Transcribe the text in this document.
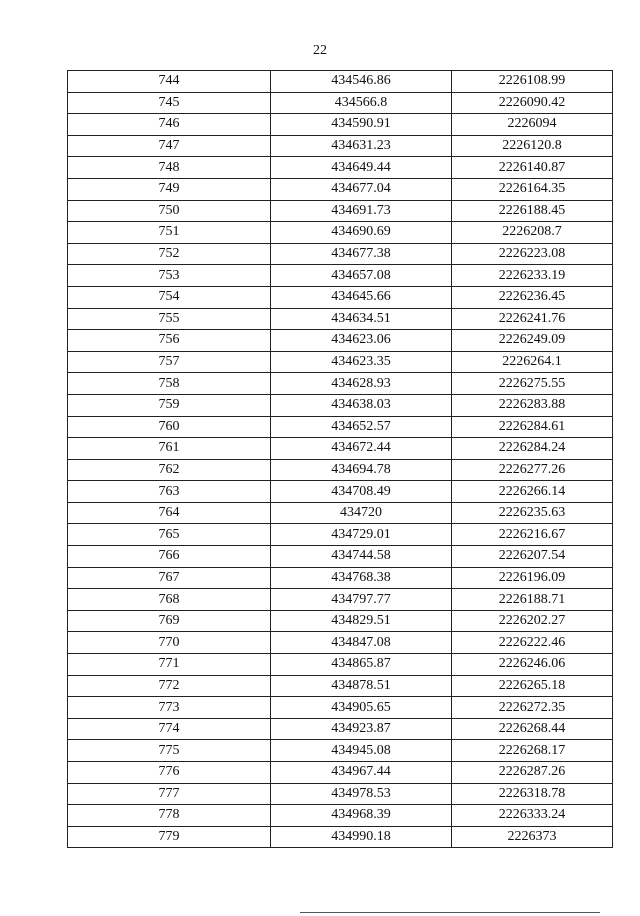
22
744	434546.86	2226108.99
745	434566.8	2226090.42
746	434590.91	2226094
747	434631.23	2226120.8
748	434649.44	2226140.87
749	434677.04	2226164.35
750	434691.73	2226188.45
751	434690.69	2226208.7
752	434677.38	2226223.08
753	434657.08	2226233.19
754	434645.66	2226236.45
755	434634.51	2226241.76
756	434623.06	2226249.09
757	434623.35	2226264.1
758	434628.93	2226275.55
759	434638.03	2226283.88
760	434652.57	2226284.61
761	434672.44	2226284.24
762	434694.78	2226277.26
763	434708.49	2226266.14
764	434720	2226235.63
765	434729.01	2226216.67
766	434744.58	2226207.54
767	434768.38	2226196.09
768	434797.77	2226188.71
769	434829.51	2226202.27
770	434847.08	2226222.46
771	434865.87	2226246.06
772	434878.51	2226265.18
773	434905.65	2226272.35
774	434923.87	2226268.44
775	434945.08	2226268.17
776	434967.44	2226287.26
777	434978.53	2226318.78
778	434968.39	2226333.24
779	434990.18	2226373
